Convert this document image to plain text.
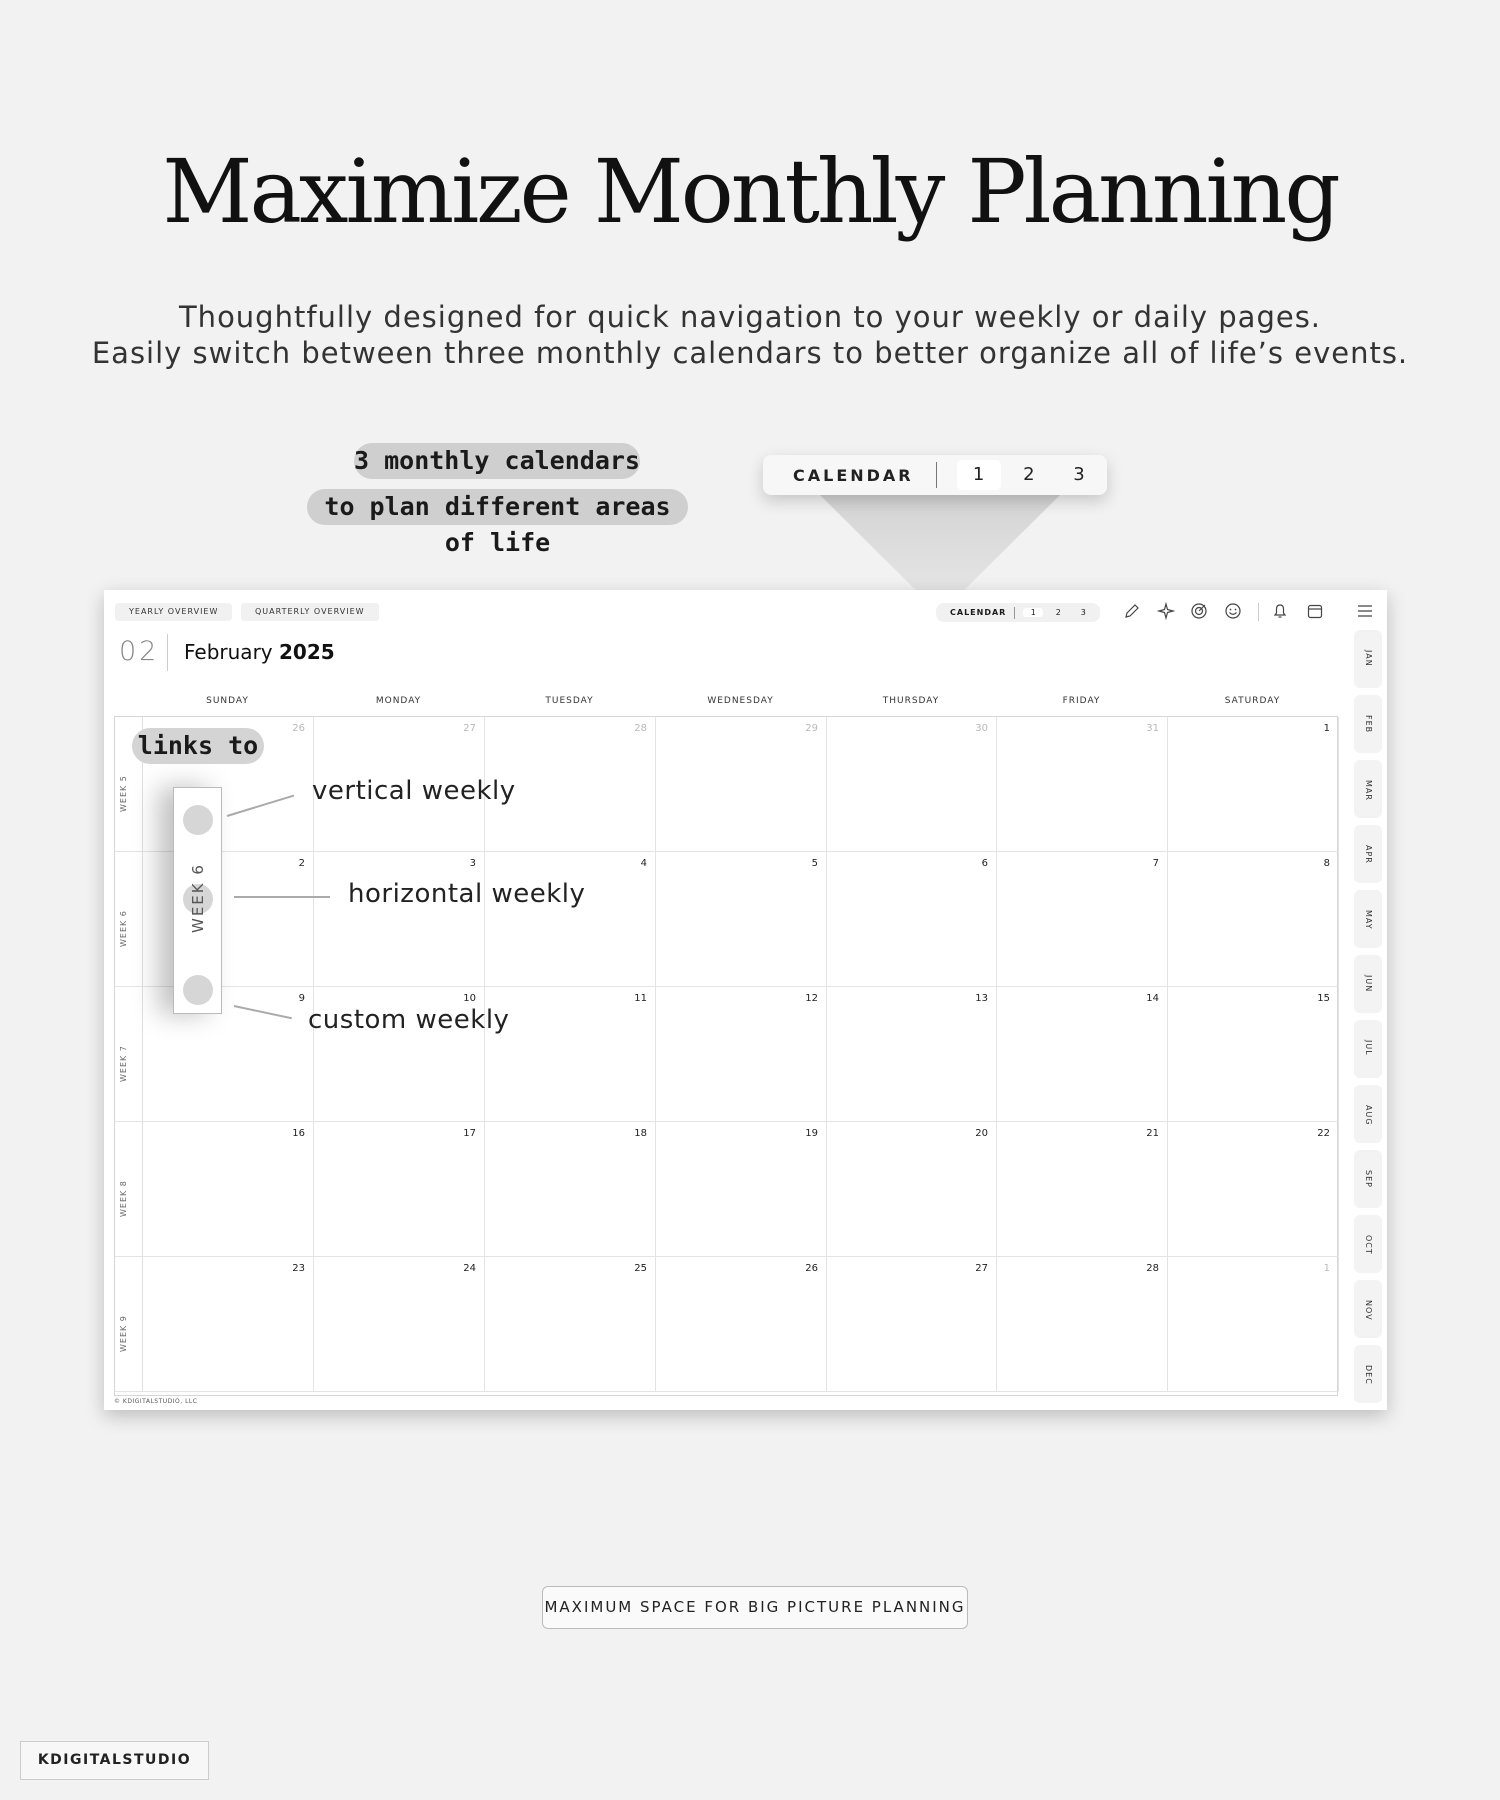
Maximize Monthly Planning
Thoughtfully designed for quick navigation to your weekly or daily pages.
Easily switch between three monthly calendars to better organize all of life’s events.
3 monthly calendars
to plan different areas of life
CALENDAR	1	2	3
YEARLY OVERVIEW	QUARTERLY OVERVIEW	CALENDAR	1	2	3
02 February 2025
SUNDAY	MONDAY	TUESDAY	WEDNESDAY	THURSDAY	FRIDAY	SATURDAY
WEEK 5
26	27	28	29	30	31	1
WEEK 6
2	3	4	5	6	7	8
WEEK 7
9	10	11	12	13	14	15
WEEK 8
16	17	18	19	20	21	22
WEEK 9
23	24	25	26	27	28	1
JAN
FEB
MAR
APR
MAY
JUN
JUL
AUG
SEP
OCT
NOV
DEC
© KDIGITALSTUDIO, LLC
links to
WEEK 6
vertical weekly
horizontal weekly
custom weekly
MAXIMUM SPACE FOR BIG PICTURE PLANNING
KDIGITALSTUDIO
